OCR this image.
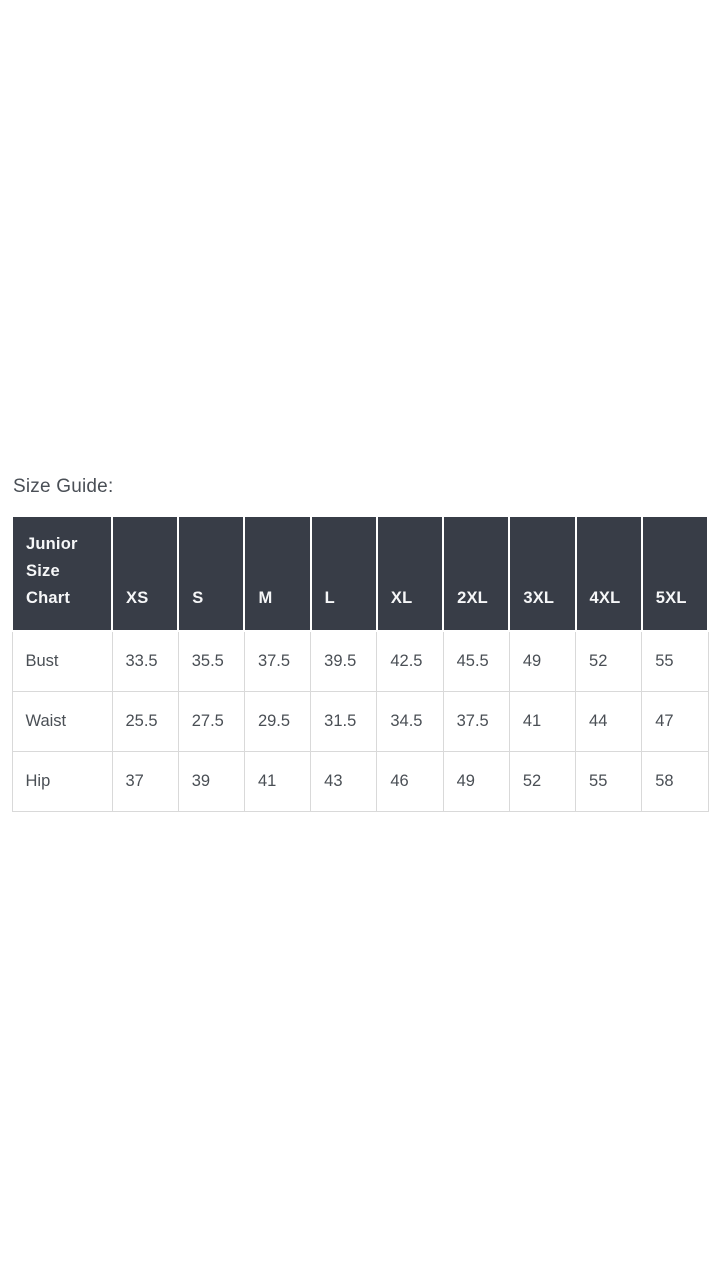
Size Guide:
Junior Size Chart	XS	S	M	L	XL	2XL	3XL	4XL	5XL
Bust	33.5	35.5	37.5	39.5	42.5	45.5	49	52	55
Waist	25.5	27.5	29.5	31.5	34.5	37.5	41	44	47
Hip	37	39	41	43	46	49	52	55	58
